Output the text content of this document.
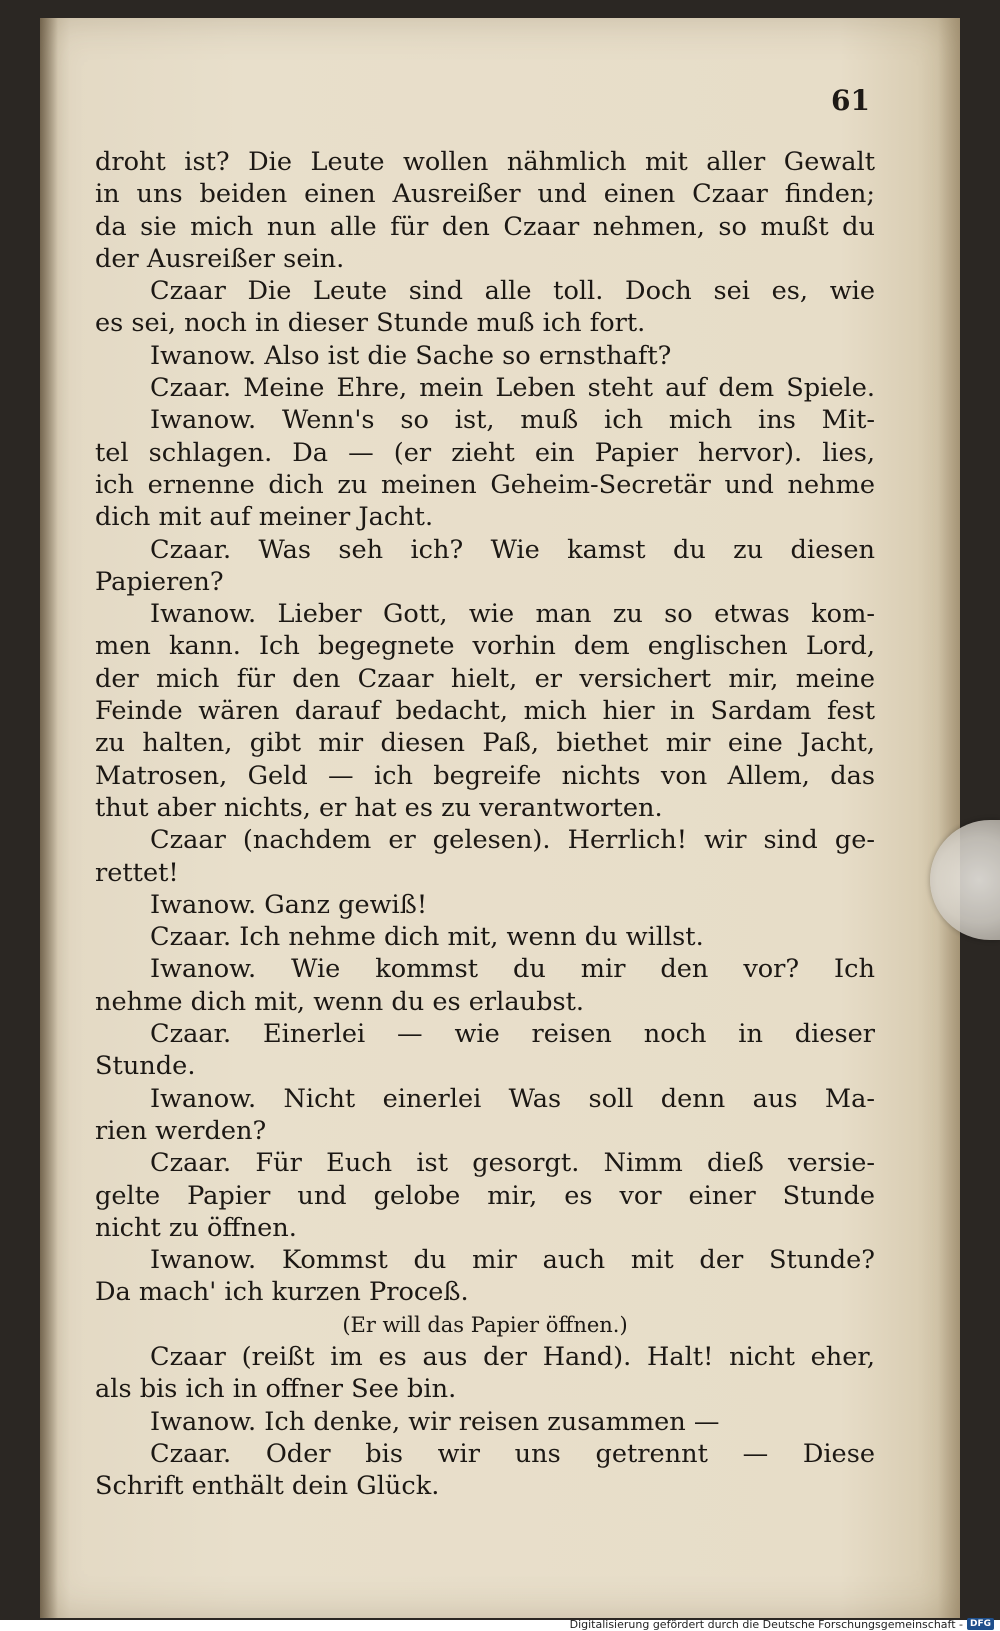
61
droht ist? Die Leute wollen nähmlich mit aller Gewalt
in uns beiden einen Ausreißer und einen Czaar finden;
da sie mich nun alle für den Czaar nehmen, so mußt du
der Ausreißer sein.
Czaar Die Leute sind alle toll. Doch sei es, wie
es sei, noch in dieser Stunde muß ich fort.
Iwanow. Also ist die Sache so ernsthaft?
Czaar. Meine Ehre, mein Leben steht auf dem Spiele.
Iwanow. Wenn's so ist, muß ich mich ins Mit-
tel schlagen. Da — (er zieht ein Papier hervor). lies,
ich ernenne dich zu meinen Geheim-Secretär und nehme
dich mit auf meiner Jacht.
Czaar. Was seh ich? Wie kamst du zu diesen
Papieren?
Iwanow. Lieber Gott, wie man zu so etwas kom-
men kann. Ich begegnete vorhin dem englischen Lord,
der mich für den Czaar hielt, er versichert mir, meine
Feinde wären darauf bedacht, mich hier in Sardam fest
zu halten, gibt mir diesen Paß, biethet mir eine Jacht,
Matrosen, Geld — ich begreife nichts von Allem, das
thut aber nichts, er hat es zu verantworten.
Czaar (nachdem er gelesen). Herrlich! wir sind ge-
rettet!
Iwanow. Ganz gewiß!
Czaar. Ich nehme dich mit, wenn du willst.
Iwanow. Wie kommst du mir den vor? Ich
nehme dich mit, wenn du es erlaubst.
Czaar. Einerlei — wie reisen noch in dieser
Stunde.
Iwanow. Nicht einerlei Was soll denn aus Ma-
rien werden?
Czaar. Für Euch ist gesorgt. Nimm dieß versie-
gelte Papier und gelobe mir, es vor einer Stunde
nicht zu öffnen.
Iwanow. Kommst du mir auch mit der Stunde?
Da mach' ich kurzen Proceß.
(Er will das Papier öffnen.)
Czaar (reißt im es aus der Hand). Halt! nicht eher,
als bis ich in offner See bin.
Iwanow. Ich denke, wir reisen zusammen —
Czaar. Oder bis wir uns getrennt — Diese
Schrift enthält dein Glück.
Digitalisierung gefördert durch die Deutsche Forschungsgemeinschaft - DFG
